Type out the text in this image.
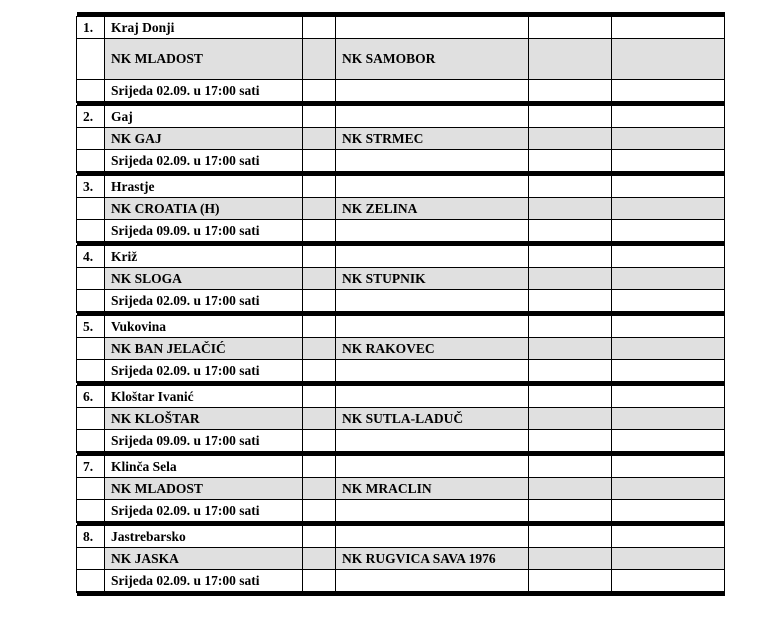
1.	Kraj Donji				
	NK MLADOST		NK SAMOBOR		
	Srijeda 02.09. u 17:00 sati				

2.	Gaj				
	NK GAJ		NK STRMEC		
	Srijeda 02.09. u 17:00 sati				

3.	Hrastje				
	NK CROATIA (H)		NK ZELINA		
	Srijeda 09.09. u 17:00 sati				

4.	Križ				
	NK SLOGA		NK STUPNIK		
	Srijeda 02.09. u 17:00 sati				

5.	Vukovina				
	NK BAN JELAČIĆ		NK RAKOVEC		
	Srijeda 02.09. u 17:00 sati				

6.	Kloštar Ivanić				
	NK KLOŠTAR		NK SUTLA-LADUČ		
	Srijeda 09.09. u 17:00 sati				

7.	Klinča Sela				
	NK MLADOST		NK MRACLIN		
	Srijeda 02.09. u 17:00 sati				

8.	Jastrebarsko				
	NK JASKA		NK RUGVICA SAVA 1976		
	Srijeda 02.09. u 17:00 sati				
